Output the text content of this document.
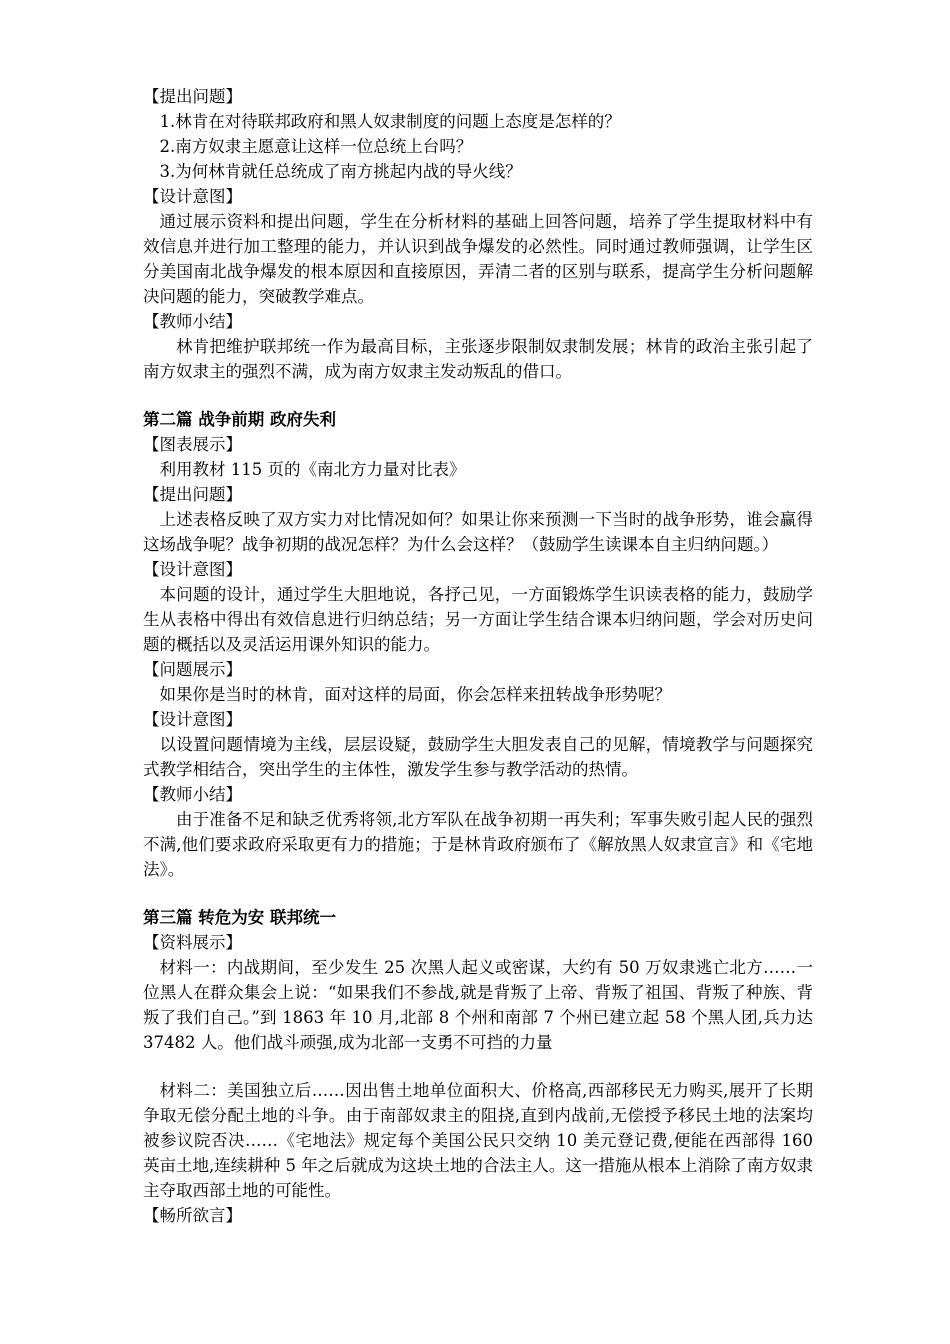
【提出问题】

1.林肯在对待联邦政府和黑人奴隶制度的问题上态度是怎样的？

2.南方奴隶主愿意让这样一位总统上台吗？

3.为何林肯就任总统成了南方挑起内战的导火线？

【设计意图】

通过展示资料和提出问题，学生在分析材料的基础上回答问题，培养了学生提取材料中有效信息并进行加工整理的能力，并认识到战争爆发的必然性。同时通过教师强调，让学生区分美国南北战争爆发的根本原因和直接原因，弄清二者的区别与联系，提高学生分析问题解决问题的能力，突破教学难点。

【教师小结】

林肯把维护联邦统一作为最高目标，主张逐步限制奴隶制发展；林肯的政治主张引起了南方奴隶主的强烈不满，成为南方奴隶主发动叛乱的借口。

第二篇 战争前期 政府失利

【图表展示】

利用教材 115 页的《南北方力量对比表》

【提出问题】

上述表格反映了双方实力对比情况如何？如果让你来预测一下当时的战争形势，谁会赢得这场战争呢？战争初期的战况怎样？为什么会这样？（鼓励学生读课本自主归纳问题。）

【设计意图】

本问题的设计，通过学生大胆地说，各抒己见，一方面锻炼学生识读表格的能力，鼓励学生从表格中得出有效信息进行归纳总结；另一方面让学生结合课本归纳问题，学会对历史问题的概括以及灵活运用课外知识的能力。

【问题展示】

如果你是当时的林肯，面对这样的局面，你会怎样来扭转战争形势呢？

【设计意图】

以设置问题情境为主线，层层设疑，鼓励学生大胆发表自己的见解，情境教学与问题探究式教学相结合，突出学生的主体性，激发学生参与教学活动的热情。

【教师小结】

由于准备不足和缺乏优秀将领,北方军队在战争初期一再失利；军事失败引起人民的强烈不满,他们要求政府采取更有力的措施；于是林肯政府颁布了《解放黑人奴隶宣言》和《宅地法》。

第三篇 转危为安 联邦统一

【资料展示】

材料一：内战期间，至少发生 25 次黑人起义或密谋，大约有 50 万奴隶逃亡北方……一位黑人在群众集会上说：“如果我们不参战,就是背叛了上帝、背叛了祖国、背叛了种族、背叛了我们自己。”到 1863 年 10 月,北部 8 个州和南部 7 个州已建立起 58 个黑人团,兵力达 37482 人。他们战斗顽强,成为北部一支勇不可挡的力量

材料二：美国独立后……因出售土地单位面积大、价格高,西部移民无力购买,展开了长期争取无偿分配土地的斗争。由于南部奴隶主的阻挠,直到内战前,无偿授予移民土地的法案均被参议院否决……《宅地法》规定每个美国公民只交纳 10 美元登记费,便能在西部得 160 英亩土地,连续耕种 5 年之后就成为这块土地的合法主人。这一措施从根本上消除了南方奴隶主夺取西部土地的可能性。

【畅所欲言】
